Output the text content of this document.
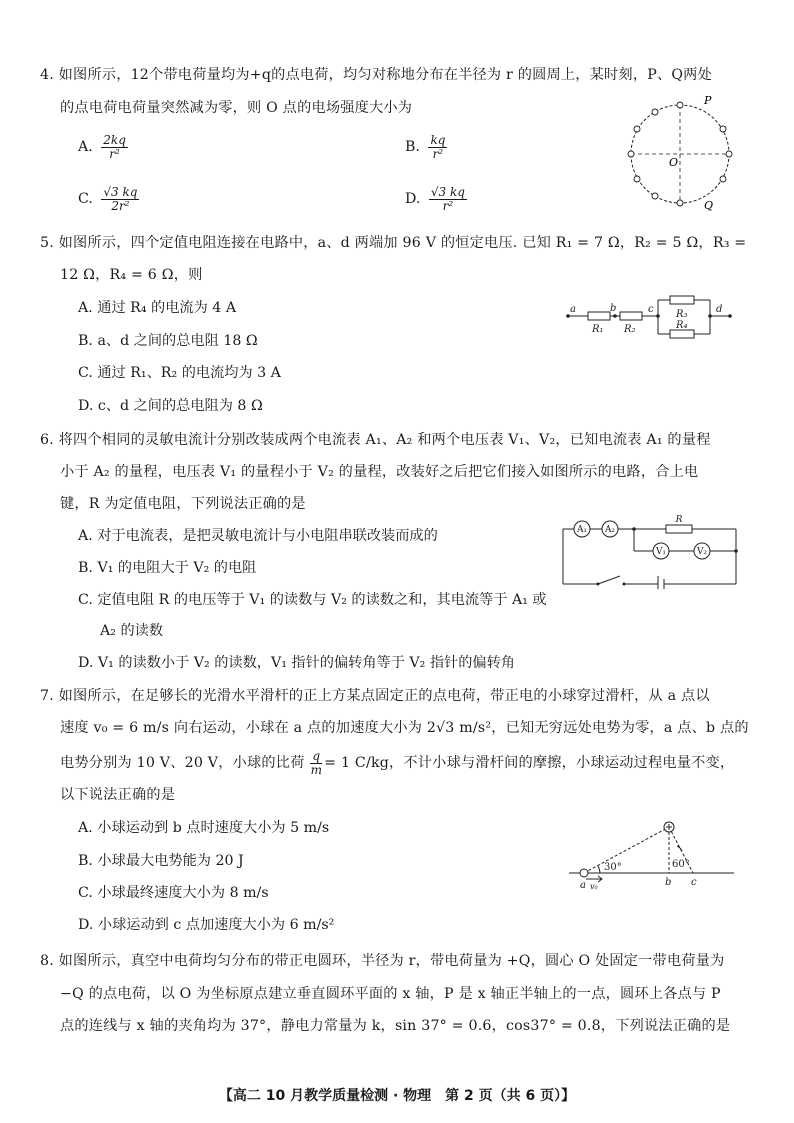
4. 如图所示，12个带电荷量均为+q的点电荷，均匀对称地分布在半径为 r 的圆周上，某时刻，P、Q两处
的点电荷电荷量突然减为零，则 O 点的电场强度大小为
A. $\frac{2kq}{\text{r²}}$	B. $\frac{kq}{\text{r²}}$
C. $\frac{√3 kq}{\text{2r²}}$	D. $\frac{√3 kq}{\text{r²}}$
P
Q
O
5. 如图所示，四个定值电阻连接在电路中，a、d 两端加 96 V 的恒定电压. 已知 R₁ = 7 Ω，R₂ = 5 Ω，R₃ =
12 Ω，R₄ = 6 Ω，则
A. 通过 R₄ 的电流为 4 A
B. a、d 之间的总电阻 18 Ω
C. 通过 R₁、R₂ 的电流均为 3 A
D. c、d 之间的总电阻为 8 Ω
a	b	c	d
R₁ R₂
R₃
R₄
6. 将四个相同的灵敏电流计分别改装成两个电流表 A₁、A₂ 和两个电压表 V₁、V₂，已知电流表 A₁ 的量程
小于 A₂ 的量程，电压表 V₁ 的量程小于 V₂ 的量程，改装好之后把它们接入如图所示的电路，合上电
键，R 为定值电阻，下列说法正确的是
A. 对于电流表，是把灵敏电流计与小电阻串联改装而成的
B. V₁ 的电阻大于 V₂ 的电阻
C. 定值电阻 R 的电压等于 V₁ 的读数与 V₂ 的读数之和，其电流等于 A₁ 或
A₂ 的读数
D. V₁ 的读数小于 V₂ 的读数，V₁ 指针的偏转角等于 V₂ 指针的偏转角
A₁ A₂
V₁	V₂
R
7. 如图所示，在足够长的光滑水平滑杆的正上方某点固定正的点电荷，带正电的小球穿过滑杆，从 a 点以
速度 v₀ = 6 m/s 向右运动，小球在 a 点的加速度大小为 2√3 m/s²，已知无穷远处电势为零，a 点、b 点的
电势分别为 10 V、20 V，小球的比荷 $\frac{q}{m} = 1$ C/kg，不计小球与滑杆间的摩擦，小球运动过程电量不变，
以下说法正确的是
A. 小球运动到 b 点时速度大小为 5 m/s
B. 小球最大电势能为 20 J
C. 小球最终速度大小为 8 m/s
D. 小球运动到 c 点加速度大小为 6 m/s²
30°	60°
a	b c
v₀
8. 如图所示，真空中电荷均匀分布的带正电圆环，半径为 r，带电荷量为 +Q，圆心 O 处固定一带电荷量为
−Q 的点电荷，以 O 为坐标原点建立垂直圆环平面的 x 轴，P 是 x 轴正半轴上的一点，圆环上各点与 P
点的连线与 x 轴的夹角均为 37°，静电力常量为 k，sin 37° = 0.6，cos37° = 0.8，下列说法正确的是
【高二 10 月教学质量检测 · 物理　第 2 页（共 6 页）】
